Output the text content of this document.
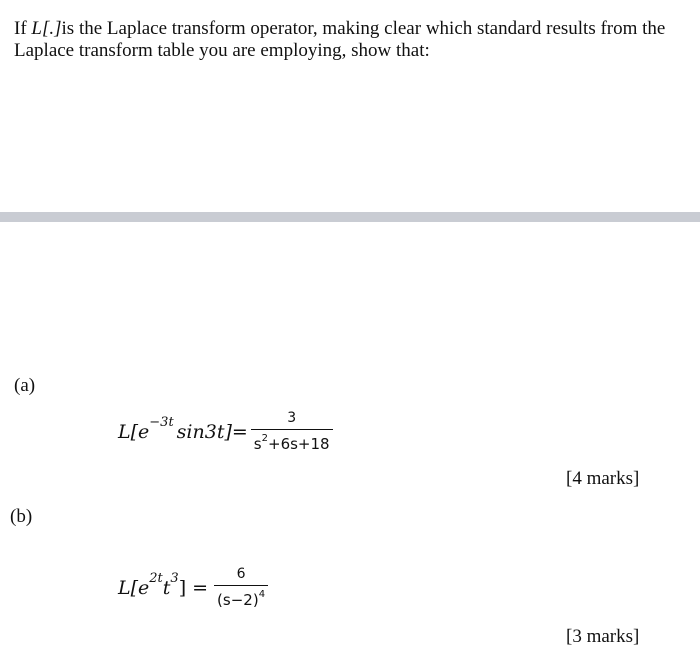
If L[.]is the Laplace transform operator, making clear which standard results from the Laplace transform table you are employing, show that:
(a)
L[e −3t $\sin 3t] = \frac{3}{s^2+6s+18}$
[4 marks]
(b)
L[e 2t t 3 ] = $\frac{6}{(s-2)^4}$
[3 marks]
